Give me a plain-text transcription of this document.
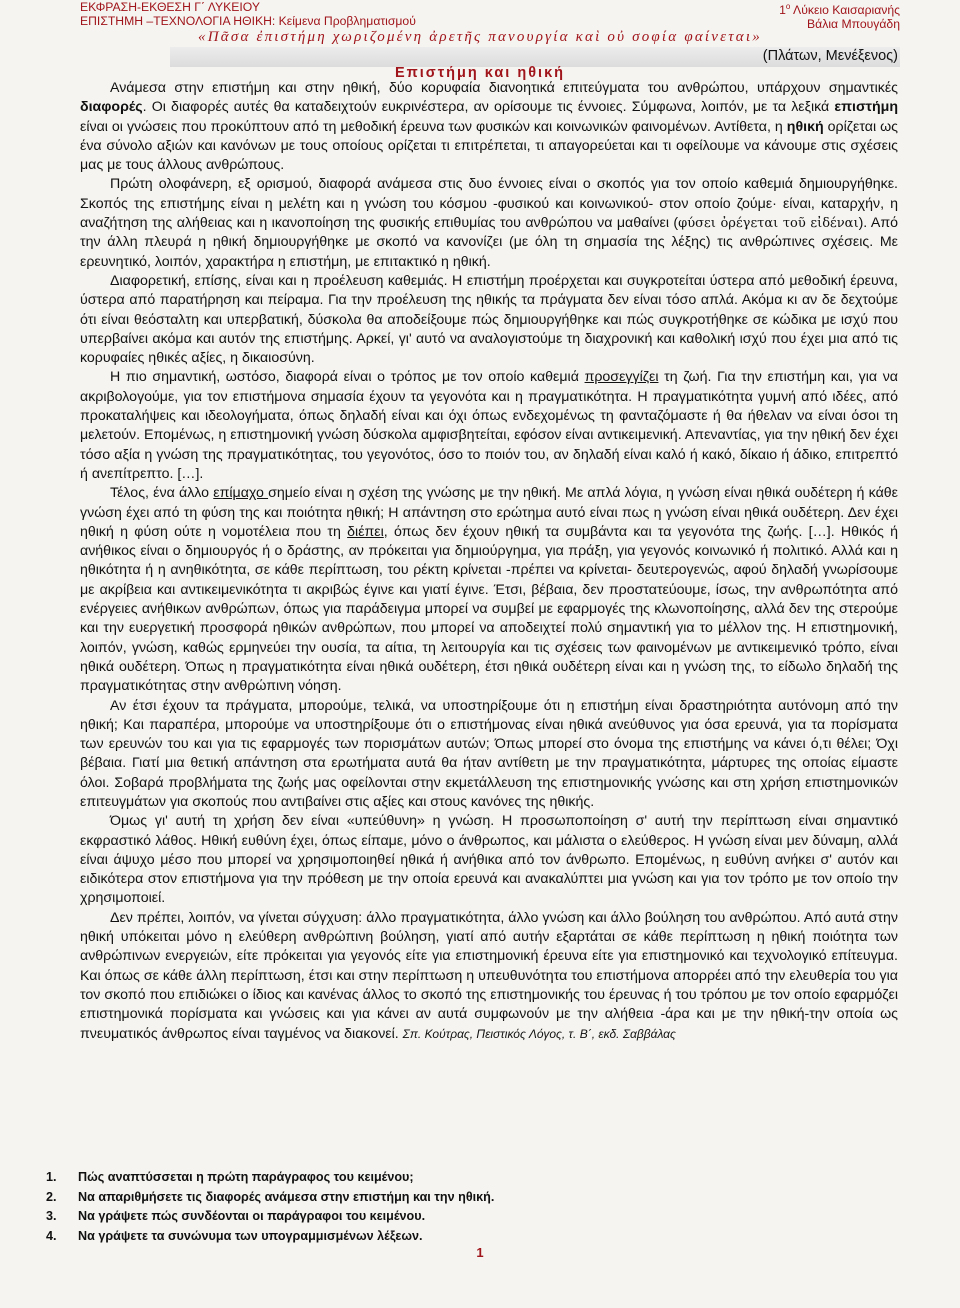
ΕΚΦΡΑΣΗ-ΕΚΘΕΣΗ Γ΄ ΛΥΚΕΙΟΥ
ΕΠΙΣΤΗΜΗ –ΤΕΧΝΟΛΟΓΙΑ ΗΘΙΚΗ: Κείμενα Προβληματισμού
$1^o$ Λύκειο Καισαριανής
Βάλια Μπουγάδη
«Πᾶσα ἐπιστήμη χωριζομένη ἀρετῆς πανουργία καὶ οὐ σοφία φαίνεται»
(Πλάτων, Μενέξενος)
Επιστήμη και ηθική

Ανάμεσα στην επιστήμη και στην ηθική, δύο κορυφαία διανοητικά επιτεύγματα του ανθρώπου, υπάρχουν σημαντικές διαφορές. Οι διαφορές αυτές θα καταδειχτούν ευκρινέστερα, αν ορίσουμε τις έννοιες. Σύμφωνα, λοιπόν, με τα λεξικά επιστήμη είναι οι γνώσεις που προκύπτουν από τη μεθοδική έρευνα των φυσικών και κοινωνικών φαινομένων. Αντίθετα, η ηθική ορίζεται ως ένα σύνολο αξιών και κανόνων με τους οποίους ορίζεται τι επιτρέπεται, τι απαγορεύεται και τι οφείλουμε να κάνουμε στις σχέσεις μας με τους άλλους ανθρώπους.

Πρώτη ολοφάνερη, εξ ορισμού, διαφορά ανάμεσα στις δυο έννοιες είναι ο σκοπός για τον οποίο καθεμιά δημιουργήθηκε. Σκοπός της επιστήμης είναι η μελέτη και η γνώση του κόσμου -φυσικού και κοινωνικού- στον οποίο ζούμε· είναι, καταρχήν, η αναζήτηση της αλήθειας και η ικανοποίηση της φυσικής επιθυμίας του ανθρώπου να μαθαίνει (φύσει ὀρέγεται τοῦ εἰδέναι). Από την άλλη πλευρά η ηθική δημιουργήθηκε με σκοπό να κανονίζει (με όλη τη σημασία της λέξης) τις ανθρώπινες σχέσεις. Με ερευνητικό, λοιπόν, χαρακτήρα η επιστήμη, με επιτακτικό η ηθική.

Διαφορετική, επίσης, είναι και η προέλευση καθεμιάς. Η επιστήμη προέρχεται και συγκροτείται ύστερα από μεθοδική έρευνα, ύστερα από παρατήρηση και πείραμα. Για την προέλευση της ηθικής τα πράγματα δεν είναι τόσο απλά. Ακόμα κι αν δε δεχτούμε ότι είναι θεόσταλτη και υπερβατική, δύσκολα θα αποδείξουμε πώς δημιουργήθηκε και πώς συγκροτήθηκε σε κώδικα με ισχύ που υπερβαίνει ακόμα και αυτόν της επιστήμης. Αρκεί, γι' αυτό να αναλογιστούμε τη διαχρονική και καθολική ισχύ που έχει μια από τις κορυφαίες ηθικές αξίες, η δικαιοσύνη.

Η πιο σημαντική, ωστόσο, διαφορά είναι ο τρόπος με τον οποίο καθεμιά προσεγγίζει τη ζωή. Για την επιστήμη και, για να ακριβολογούμε, για τον επιστήμονα σημασία έχουν τα γεγονότα και η πραγματικότητα. Η πραγματικότητα γυμνή από ιδέες, από προκαταλήψεις και ιδεολογήματα, όπως δηλαδή είναι και όχι όπως ενδεχομένως τη φανταζόμαστε ή θα ήθελαν να είναι όσοι τη μελετούν. Επομένως, η επιστημονική γνώση δύσκολα αμφισβητείται, εφόσον είναι αντικειμενική. Απεναντίας, για την ηθική δεν έχει τόσο αξία η γνώση της πραγματικότητας, του γεγονότος, όσο το ποιόν του, αν δηλαδή είναι καλό ή κακό, δίκαιο ή άδικο, επιτρεπτό ή ανεπίτρεπτο. […].

Τέλος, ένα άλλο επίμαχο σημείο είναι η σχέση της γνώσης με την ηθική. Με απλά λόγια, η γνώση είναι ηθικά ουδέτερη ή κάθε γνώση έχει από τη φύση της και ποιότητα ηθική; Η απάντηση στο ερώτημα αυτό είναι πως η γνώση είναι ηθικά ουδέτερη. Δεν έχει ηθική η φύση ούτε η νομοτέλεια που τη διέπει, όπως δεν έχουν ηθική τα συμβάντα και τα γεγονότα της ζωής. […]. Ηθικός ή ανήθικος είναι ο δημιουργός ή ο δράστης, αν πρόκειται για δημιούργημα, για πράξη, για γεγονός κοινωνικό ή πολιτικό. Αλλά και η ηθικότητα ή η ανηθικότητα, σε κάθε περίπτωση, του ρέκτη κρίνεται -πρέπει να κρίνεται- δευτερογενώς, αφού δηλαδή γνωρίσουμε με ακρίβεια και αντικειμενικότητα τι ακριβώς έγινε και γιατί έγινε. Έτσι, βέβαια, δεν προστατεύουμε, ίσως, την ανθρωπότητα από ενέργειες ανήθικων ανθρώπων, όπως για παράδειγμα μπορεί να συμβεί με εφαρμογές της κλωνοποίησης, αλλά δεν της στερούμε και την ευεργετική προσφορά ηθικών ανθρώπων, που μπορεί να αποδειχτεί πολύ σημαντική για το μέλλον της. Η επιστημονική, λοιπόν, γνώση, καθώς ερμηνεύει την ουσία, τα αίτια, τη λειτουργία και τις σχέσεις των φαινομένων με αντικειμενικό τρόπο, είναι ηθικά ουδέτερη. Όπως η πραγματικότητα είναι ηθικά ουδέτερη, έτσι ηθικά ουδέτερη είναι και η γνώση της, το είδωλο δηλαδή της πραγματικότητας στην ανθρώπινη νόηση.

Αν έτσι έχουν τα πράγματα, μπορούμε, τελικά, να υποστηρίξουμε ότι η επιστήμη είναι δραστηριότητα αυτόνομη από την ηθική; Και παραπέρα, μπορούμε να υποστηρίξουμε ότι ο επιστήμονας είναι ηθικά ανεύθυνος για όσα ερευνά, για τα πορίσματα των ερευνών του και για τις εφαρμογές των πορισμάτων αυτών; Όπως μπορεί στο όνομα της επιστήμης να κάνει ό,τι θέλει; Όχι βέβαια. Γιατί μια θετική απάντηση στα ερωτήματα αυτά θα ήταν αντίθετη με την πραγματικότητα, μάρτυρες της οποίας είμαστε όλοι. Σοβαρά προβλήματα της ζωής μας οφείλονται στην εκμετάλλευση της επιστημονικής γνώσης και στη χρήση επιστημονικών επιτευγμάτων για σκοπούς που αντιβαίνει στις αξίες και στους κανόνες της ηθικής.

Όμως γι' αυτή τη χρήση δεν είναι «υπεύθυνη» η γνώση. Η προσωποποίηση σ' αυτή την περίπτωση είναι σημαντικό εκφραστικό λάθος. Ηθική ευθύνη έχει, όπως είπαμε, μόνο ο άνθρωπος, και μάλιστα ο ελεύθερος. Η γνώση είναι μεν δύναμη, αλλά είναι άψυχο μέσο που μπορεί να χρησιμοποιηθεί ηθικά ή ανήθικα από τον άνθρωπο. Επομένως, η ευθύνη ανήκει σ' αυτόν και ειδικότερα στον επιστήμονα για την πρόθεση με την οποία ερευνά και ανακαλύπτει μια γνώση και για τον τρόπο με τον οποίο την χρησιμοποιεί.

Δεν πρέπει, λοιπόν, να γίνεται σύγχυση: άλλο πραγματικότητα, άλλο γνώση και άλλο βούληση του ανθρώπου. Από αυτά στην ηθική υπόκειται μόνο η ελεύθερη ανθρώπινη βούληση, γιατί από αυτήν εξαρτάται σε κάθε περίπτωση η ηθική ποιότητα των ανθρώπινων ενεργειών, είτε πρόκειται για γεγονός είτε για επιστημονική έρευνα είτε για επιστημονικό και τεχνολογικό επίτευγμα. Και όπως σε κάθε άλλη περίπτωση, έτσι και στην περίπτωση η υπευθυνότητα του επιστήμονα απορρέει από την ελευθερία του για τον σκοπό που επιδιώκει ο ίδιος και κανένας άλλος το σκοπό της επιστημονικής του έρευνας ή του τρόπου με τον οποίο εφαρμόζει επιστημονικά πορίσματα και γνώσεις και για κάνει αν αυτά συμφωνούν με την αλήθεια -άρα και με την ηθική-την οποία ως πνευματικός άνθρωπος είναι ταγμένος να διακονεί. Σπ. Κούτρας, Πειστικός Λόγος, τ. Β΄, εκδ. Σαββάλας

1.	Πώς αναπτύσσεται η πρώτη παράγραφος του κειμένου;
2.	Να απαριθμήσετε τις διαφορές ανάμεσα στην επιστήμη και την ηθική.
3.	Να γράψετε πώς συνδέονται οι παράγραφοι του κειμένου.
4.	Να γράψετε τα συνώνυμα των υπογραμμισμένων λέξεων.
1
